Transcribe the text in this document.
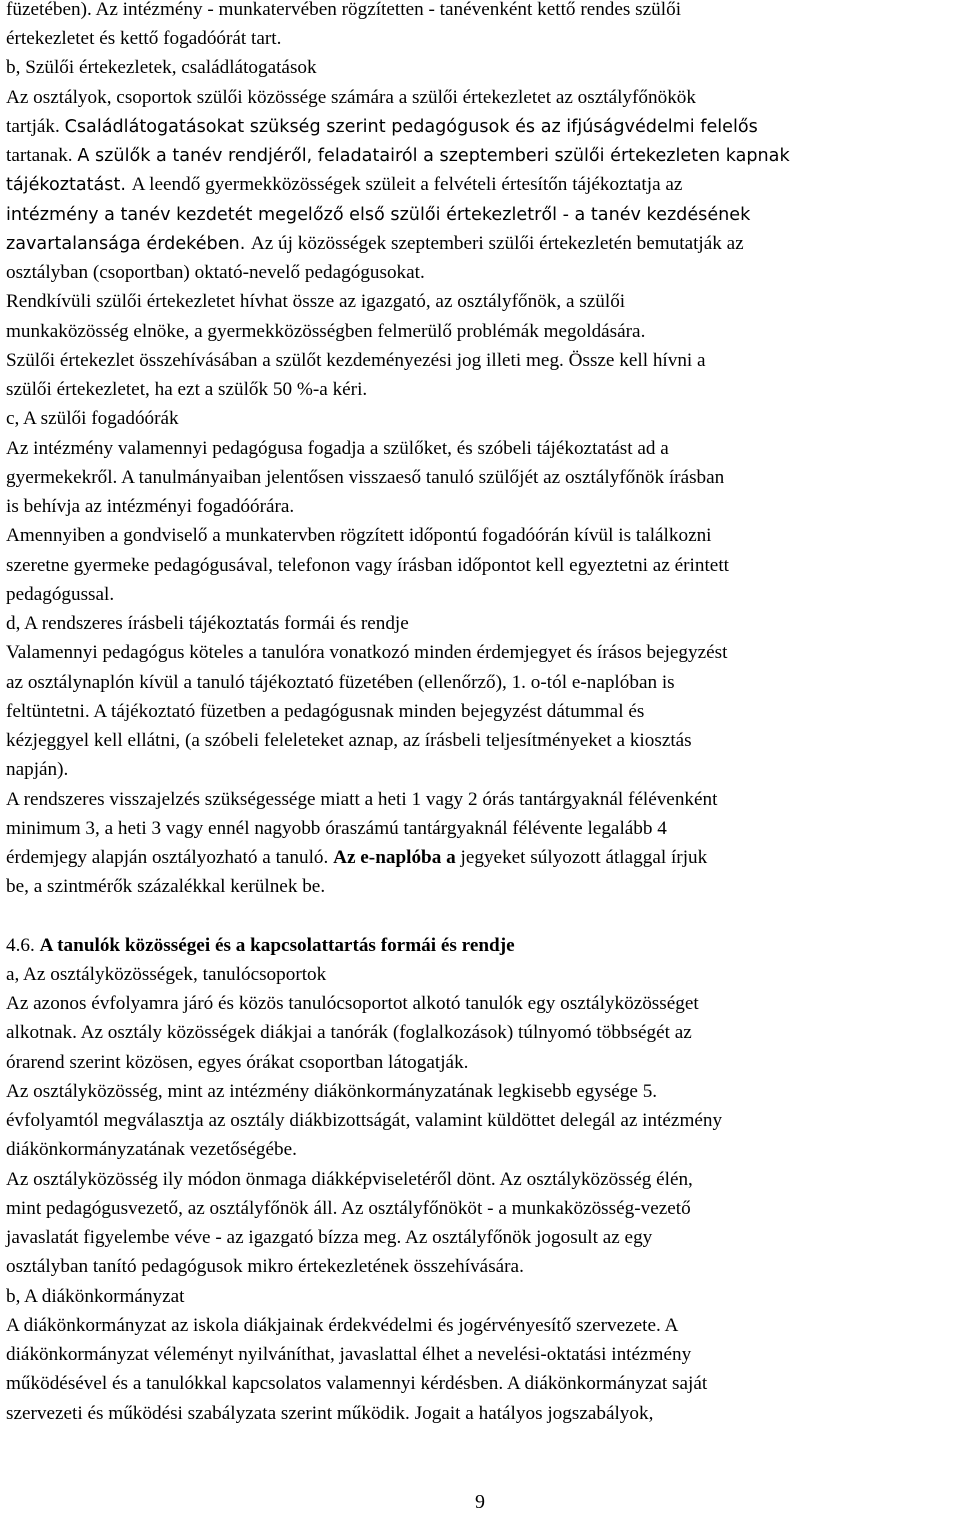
füzetében). Az intézmény - munkatervében rögzítetten - tanévenként kettő rendes szülői
értekezletet és kettő fogadóórát tart.
b, Szülői értekezletek, családlátogatások
Az osztályok, csoportok szülői közössége számára a szülői értekezletet az osztályfőnökök
tartják. Családlátogatásokat szükség szerint pedagógusok és az ifjúságvédelmi felelős
tartanak. A szülők a tanév rendjéről, feladatairól a szeptemberi szülői értekezleten kapnak
tájékoztatást. A leendő gyermekközösségek szüleit a felvételi értesítőn tájékoztatja az
intézmény a tanév kezdetét megelőző első szülői értekezletről - a tanév kezdésének
zavartalansága érdekében. Az új közösségek szeptemberi szülői értekezletén bemutatják az
osztályban (csoportban) oktató-nevelő pedagógusokat.
Rendkívüli szülői értekezletet hívhat össze az igazgató, az osztályfőnök, a szülői
munkaközösség elnöke, a gyermekközösségben felmerülő problémák megoldására.
Szülői értekezlet összehívásában a szülőt kezdeményezési jog illeti meg. Össze kell hívni a
szülői értekezletet, ha ezt a szülők 50 %-a kéri.
c, A szülői fogadóórák
Az intézmény valamennyi pedagógusa fogadja a szülőket, és szóbeli tájékoztatást ad a
gyermekekről. A tanulmányaiban jelentősen visszaeső tanuló szülőjét az osztályfőnök írásban
is behívja az intézményi fogadóórára.
Amennyiben a gondviselő a munkatervben rögzített időpontú fogadóórán kívül is találkozni
szeretne gyermeke pedagógusával, telefonon vagy írásban időpontot kell egyeztetni az érintett
pedagógussal.
d, A rendszeres írásbeli tájékoztatás formái és rendje
Valamennyi pedagógus köteles a tanulóra vonatkozó minden érdemjegyet és írásos bejegyzést
az osztálynaplón kívül a tanuló tájékoztató füzetében (ellenőrző), 1. o-tól e-naplóban is
feltüntetni. A tájékoztató füzetben a pedagógusnak minden bejegyzést dátummal és
kézjeggyel kell ellátni, (a szóbeli feleleteket aznap, az írásbeli teljesítményeket a kiosztás
napján).
A rendszeres visszajelzés szükségessége miatt a heti 1 vagy 2 órás tantárgyaknál félévenként
minimum 3, a heti 3 vagy ennél nagyobb óraszámú tantárgyaknál félévente legalább 4
érdemjegy alapján osztályozható a tanuló. Az e-naplóba a jegyeket súlyozott átlaggal írjuk
be, a szintmérők százalékkal kerülnek be.
4.6. A tanulók közösségei és a kapcsolattartás formái és rendje
a, Az osztályközösségek, tanulócsoportok
Az azonos évfolyamra járó és közös tanulócsoportot alkotó tanulók egy osztályközösséget
alkotnak. Az osztály közösségek diákjai a tanórák (foglalkozások) túlnyomó többségét az
órarend szerint közösen, egyes órákat csoportban látogatják.
Az osztályközösség, mint az intézmény diákönkormányzatának legkisebb egysége 5.
évfolyamtól megválasztja az osztály diákbizottságát, valamint küldöttet delegál az intézmény
diákönkormányzatának vezetőségébe.
Az osztályközösség ily módon önmaga diákképviseletéről dönt. Az osztályközösség élén,
mint pedagógusvezető, az osztályfőnök áll. Az osztályfőnököt - a munkaközösség-vezető
javaslatát figyelembe véve - az igazgató bízza meg. Az osztályfőnök jogosult az egy
osztályban tanító pedagógusok mikro értekezletének összehívására.
b, A diákönkormányzat
A diákönkormányzat az iskola diákjainak érdekvédelmi és jogérvényesítő szervezete. A
diákönkormányzat véleményt nyilváníthat, javaslattal élhet a nevelési-oktatási intézmény
működésével és a tanulókkal kapcsolatos valamennyi kérdésben. A diákönkormányzat saját
szervezeti és működési szabályzata szerint működik. Jogait a hatályos jogszabályok,
9
